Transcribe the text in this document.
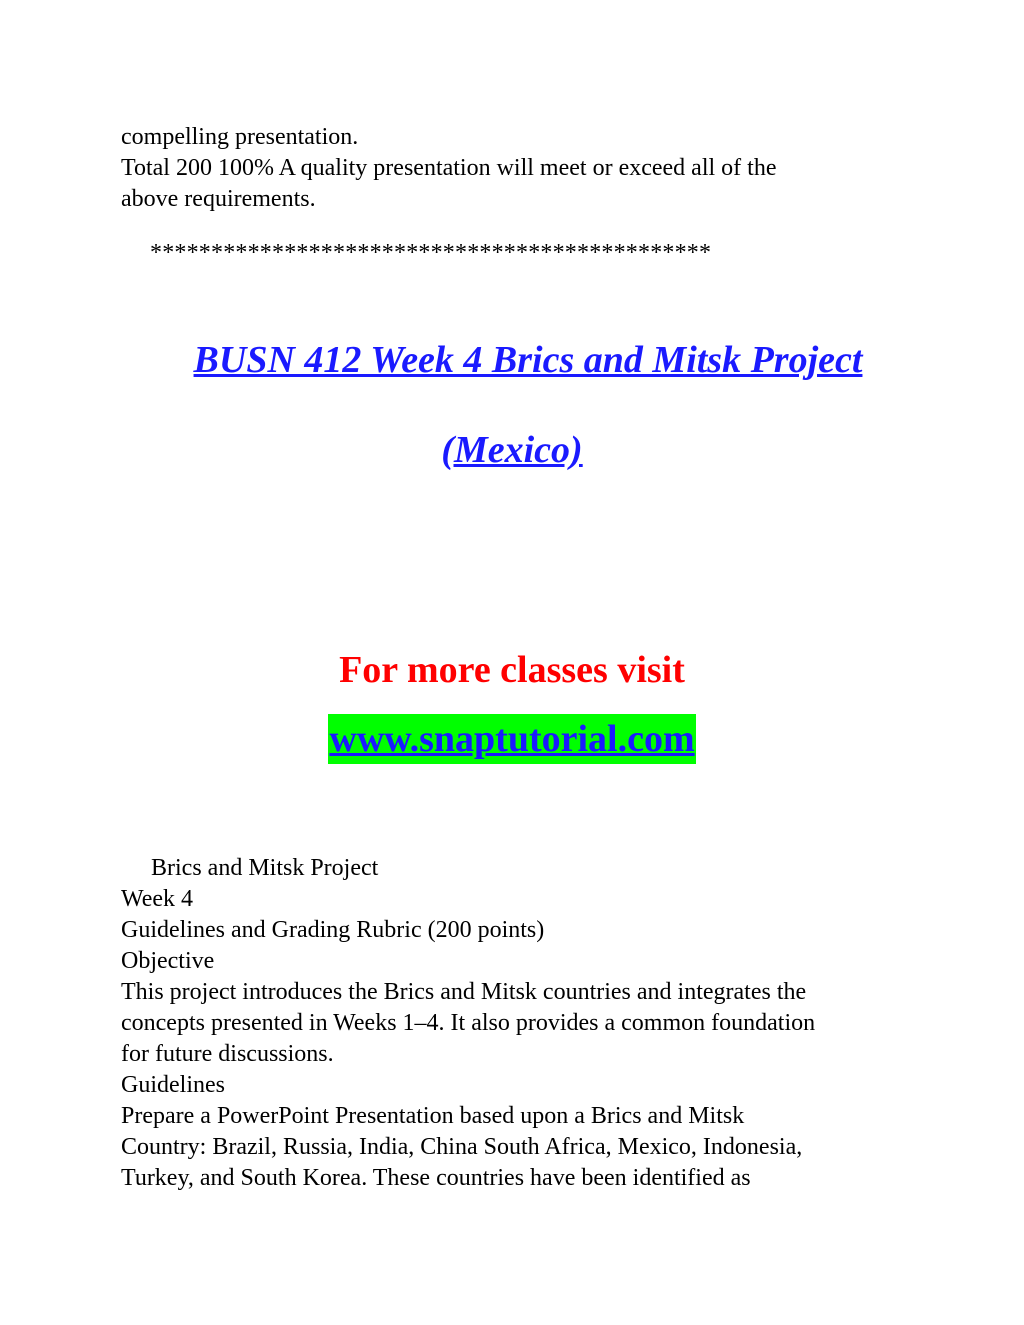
compelling presentation.
Total 200 100% A quality presentation will meet or exceed all of the
above requirements.
**********************************************
BUSN 412 Week 4 Brics and Mitsk Project
(Mexico)
For more classes visit
www.snaptutorial.com
Brics and Mitsk Project
Week 4
Guidelines and Grading Rubric (200 points)
Objective
This project introduces the Brics and Mitsk countries and integrates the
concepts presented in Weeks 1–4. It also provides a common foundation
for future discussions.
Guidelines
Prepare a PowerPoint Presentation based upon a Brics and Mitsk
Country: Brazil, Russia, India, China South Africa, Mexico, Indonesia,
Turkey, and South Korea. These countries have been identified as
